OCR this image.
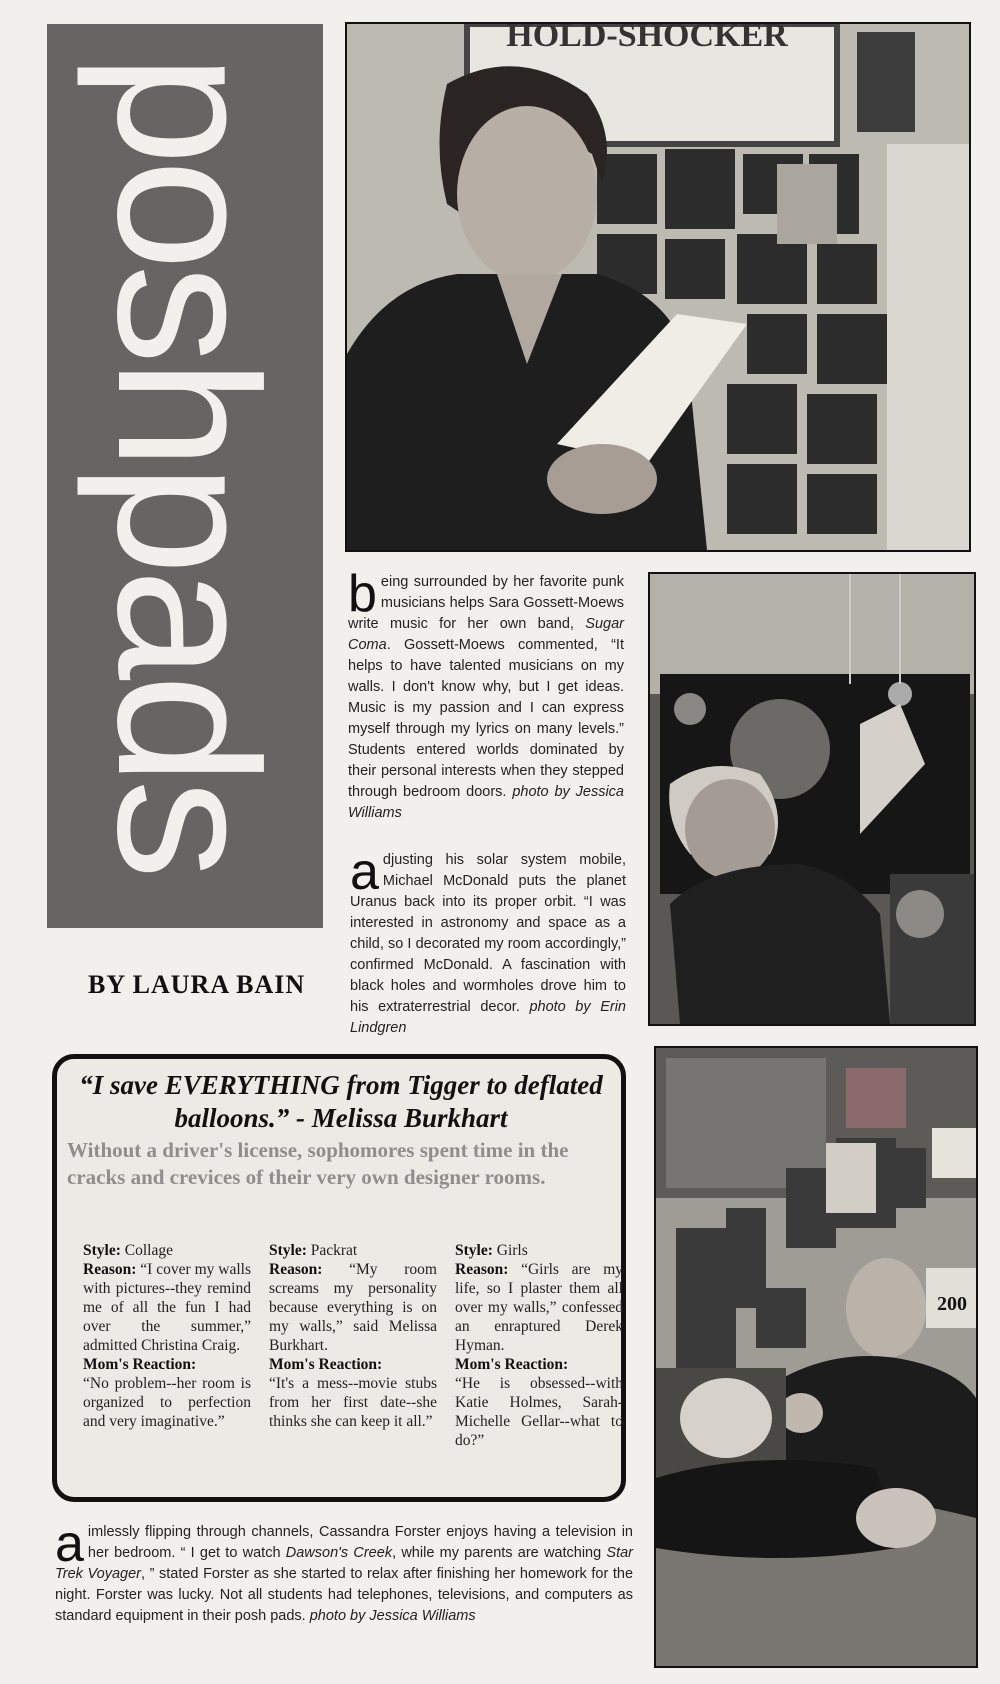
poshpads
BY LAURA BAIN
HOLD-SHOCKER
200
being surrounded by her favorite punk musicians helps Sara Gossett-Moews write music for her own band, Sugar Coma. Gossett-Moews commented, “It helps to have talented musicians on my walls. I don't know why, but I get ideas. Music is my passion and I can express myself through my lyrics on many levels.” Students entered worlds dominated by their personal interests when they stepped through bedroom doors. photo by Jessica Williams
adjusting his solar system mobile, Michael McDonald puts the planet Uranus back into its proper orbit. “I was interested in astronomy and space as a child, so I decorated my room accordingly,” confirmed McDonald. A fascination with black holes and wormholes drove him to his extraterrestrial decor. photo by Erin Lindgren
“I save EVERYTHING from Tigger to deflated balloons.” - Melissa Burkhart
Without a driver's license, sophomores spent time in the cracks and crevices of their very own designer rooms.
Style: Collage

Reason: “I cover my walls with pictures--they remind me of all the fun I had over the summer,” admitted Christina Craig.
Mom's Reaction:
“No problem--her room is organized to perfection and very imaginative.”
Style: Packrat

Reason: “My room screams my personality because everything is on my walls,” said Melissa Burkhart.
Mom's Reaction:
“It's a mess--movie stubs from her first date--she thinks she can keep it all.”
Style: Girls

Reason: “Girls are my life, so I plaster them all over my walls,” confessed an enraptured Derek Hyman.
Mom's Reaction:
“He is obsessed--with Katie Holmes, Sarah-Michelle Gellar--what to do?”
aimlessly flipping through channels, Cassandra Forster enjoys having a television in her bedroom. “ I get to watch Dawson's Creek, while my parents are watching Star Trek Voyager, ” stated Forster as she started to relax after finishing her homework for the night. Forster was lucky. Not all students had telephones, televisions, and computers as standard equipment in their posh pads. photo by Jessica Williams
